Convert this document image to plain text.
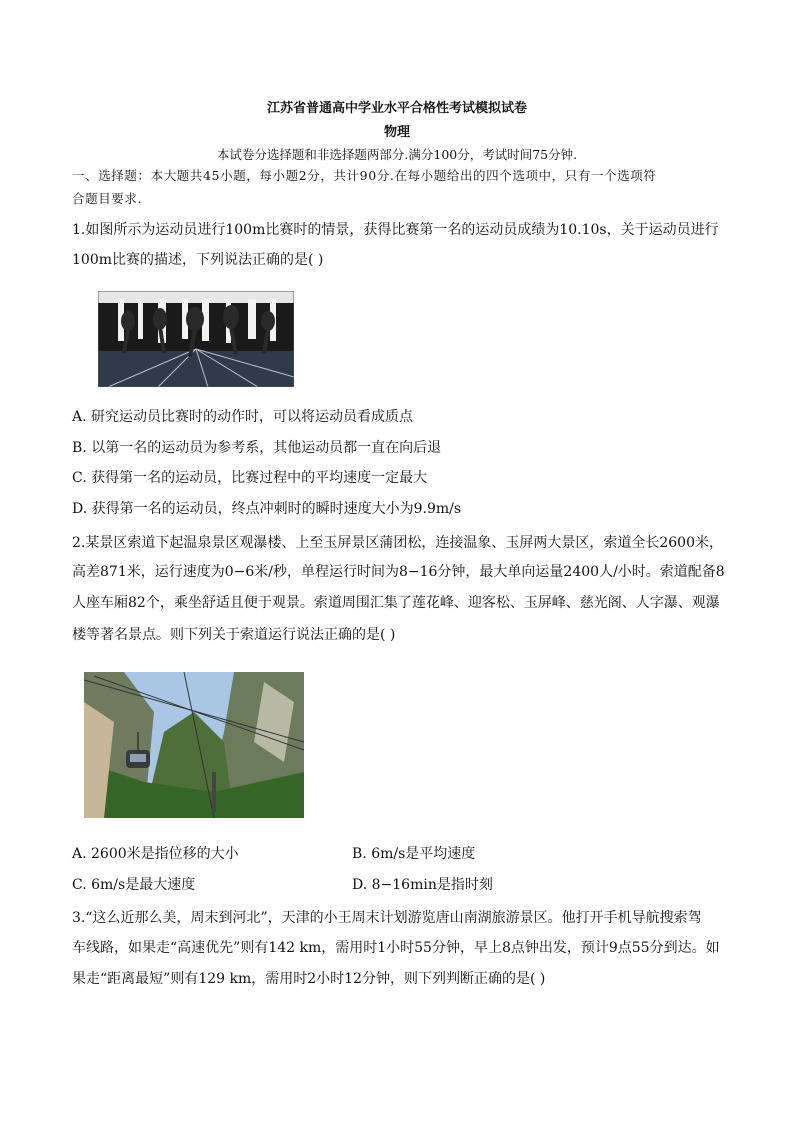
江苏省普通高中学业水平合格性考试模拟试卷
物理
本试卷分选择题和非选择题两部分.满分100分，考试时间75分钟.
一、选择题：本大题共45小题，每小题2分，共计90分.在每小题给出的四个选项中，只有一个选项符
合题目要求.
1.如图所示为运动员进行100m比赛时的情景，获得比赛第一名的运动员成绩为10.10s，关于运动员进行
100m比赛的描述，下列说法正确的是( )
A. 研究运动员比赛时的动作时，可以将运动员看成质点
B. 以第一名的运动员为参考系，其他运动员都一直在向后退
C. 获得第一名的运动员，比赛过程中的平均速度一定最大
D. 获得第一名的运动员，终点冲刺时的瞬时速度大小为9.9m/s
2.某景区索道下起温泉景区观瀑楼、上至玉屏景区蒲团松，连接温象、玉屏两大景区，索道全长2600米，
高差871米，运行速度为0−6米/秒，单程运行时间为8−16分钟，最大单向运量2400人/小时。索道配备8
人座车厢82个，乘坐舒适且便于观景。索道周围汇集了莲花峰、迎客松、玉屏峰、慈光阁、人字瀑、观瀑
楼等著名景点。则下列关于索道运行说法正确的是( )
A. 2600米是指位移的大小	B. 6m/s是平均速度
C. 6m/s是最大速度	D. 8−16min是指时刻
3.“这么近那么美，周末到河北”，天津的小王周末计划游览唐山南湖旅游景区。他打开手机导航搜索驾
车线路，如果走“高速优先”则有142 km，需用时1小时55分钟，早上8点钟出发，预计9点55分到达。如
果走“距离最短”则有129 km，需用时2小时12分钟，则下列判断正确的是( )
